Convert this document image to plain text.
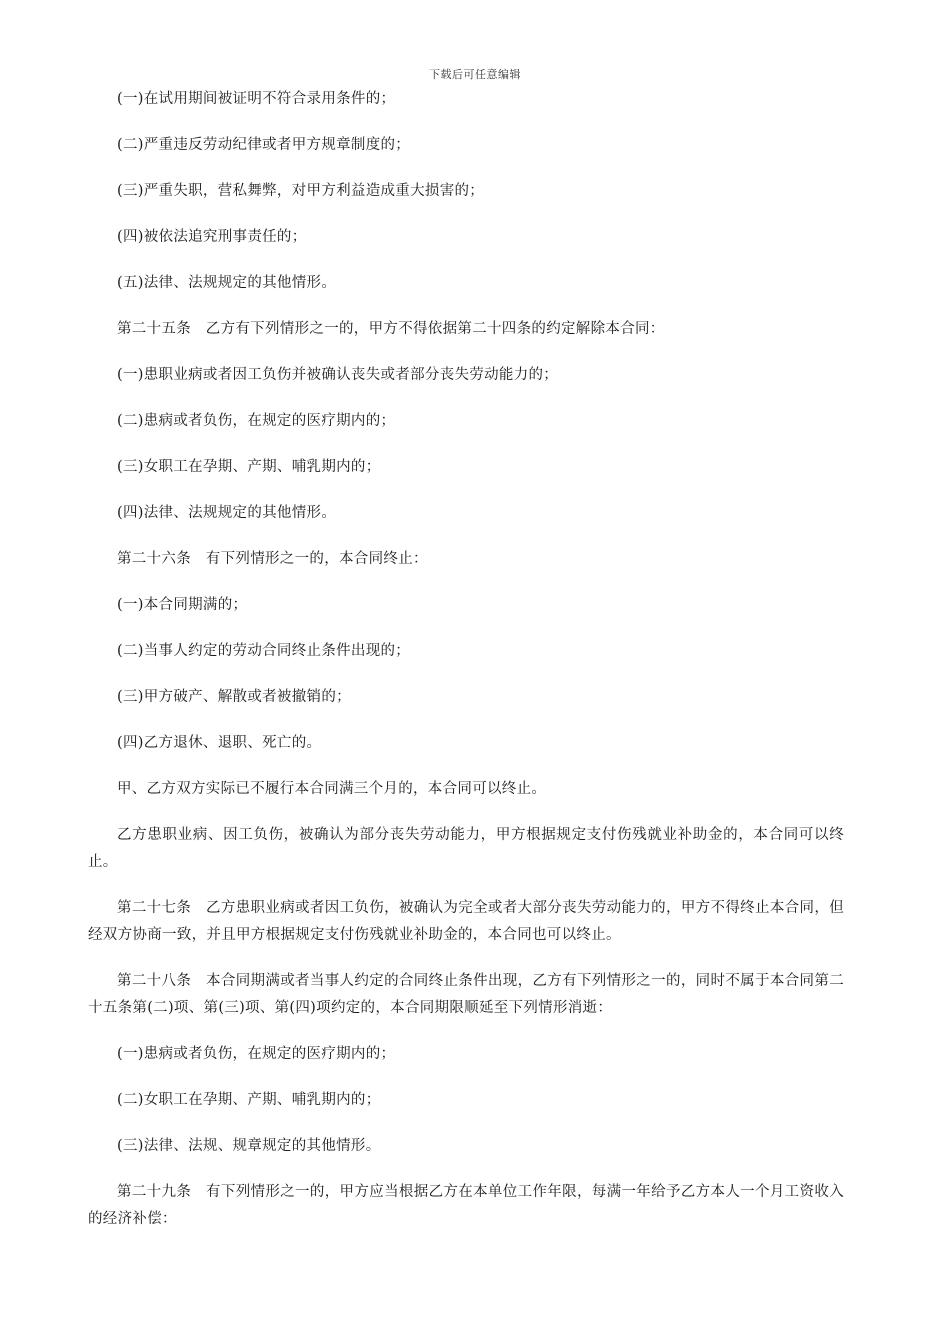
下载后可任意编辑

(一)在试用期间被证明不符合录用条件的；

(二)严重违反劳动纪律或者甲方规章制度的；

(三)严重失职，营私舞弊，对甲方利益造成重大损害的；

(四)被依法追究刑事责任的；

(五)法律、法规规定的其他情形。

第二十五条　乙方有下列情形之一的，甲方不得依据第二十四条的约定解除本合同：

(一)患职业病或者因工负伤并被确认丧失或者部分丧失劳动能力的；

(二)患病或者负伤，在规定的医疗期内的；

(三)女职工在孕期、产期、哺乳期内的；

(四)法律、法规规定的其他情形。

第二十六条　有下列情形之一的，本合同终止：

(一)本合同期满的；

(二)当事人约定的劳动合同终止条件出现的；

(三)甲方破产、解散或者被撤销的；

(四)乙方退休、退职、死亡的。

甲、乙方双方实际已不履行本合同满三个月的，本合同可以终止。

乙方患职业病、因工负伤，被确认为部分丧失劳动能力，甲方根据规定支付伤残就业补助金的，本合同可以终止。

第二十七条　乙方患职业病或者因工负伤，被确认为完全或者大部分丧失劳动能力的，甲方不得终止本合同，但经双方协商一致，并且甲方根据规定支付伤残就业补助金的，本合同也可以终止。

第二十八条　本合同期满或者当事人约定的合同终止条件出现，乙方有下列情形之一的，同时不属于本合同第二十五条第(二)项、第(三)项、第(四)项约定的，本合同期限顺延至下列情形消逝：

(一)患病或者负伤，在规定的医疗期内的；

(二)女职工在孕期、产期、哺乳期内的；

(三)法律、法规、规章规定的其他情形。

第二十九条　有下列情形之一的，甲方应当根据乙方在本单位工作年限，每满一年给予乙方本人一个月工资收入的经济补偿：
